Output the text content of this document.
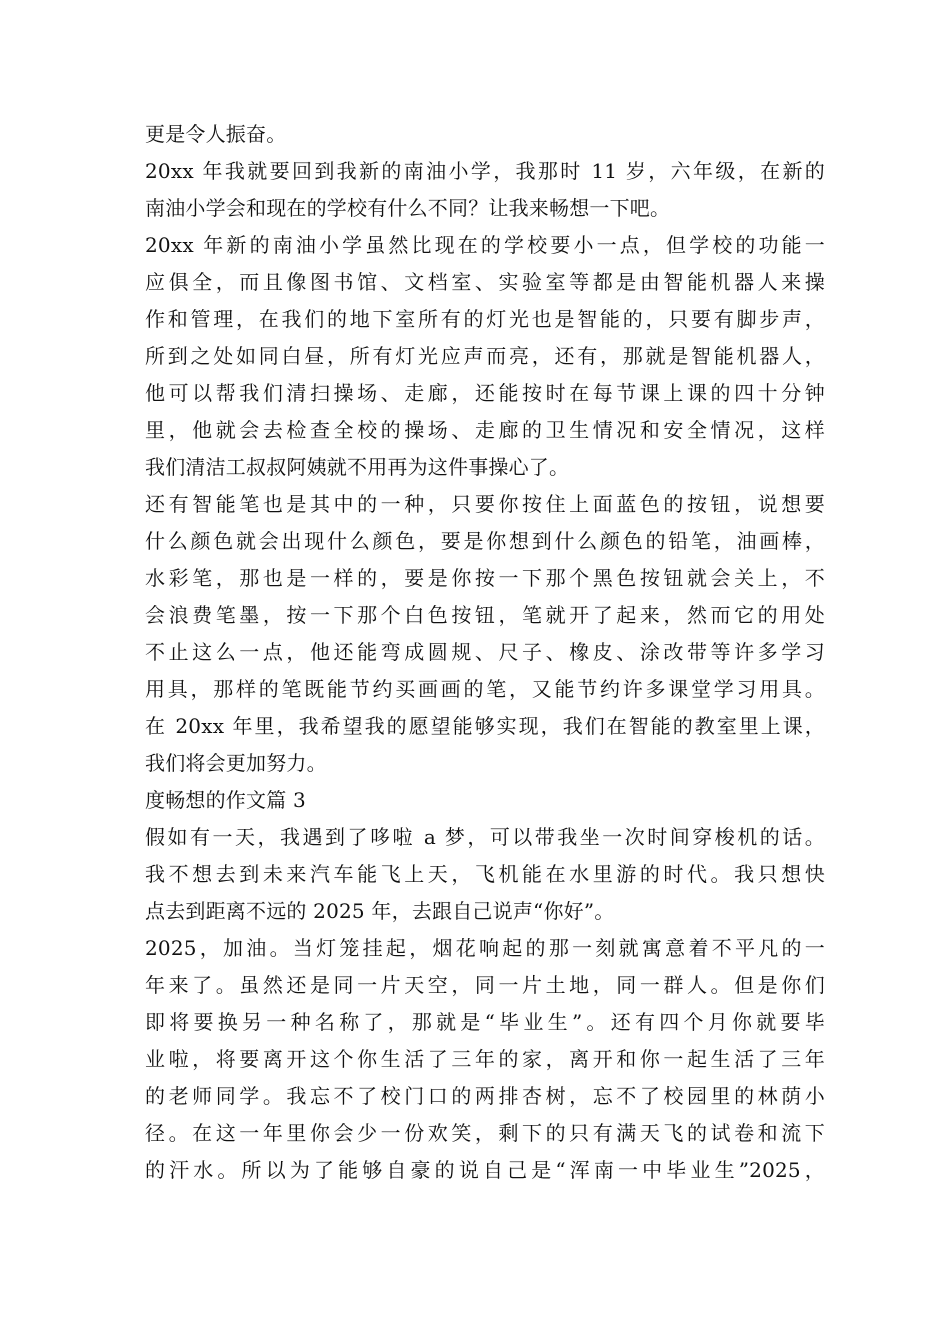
更是令人振奋。
20xx 年我就要回到我新的南油小学，我那时 11 岁，六年级，在新的
南油小学会和现在的学校有什么不同？让我来畅想一下吧。
20xx 年新的南油小学虽然比现在的学校要小一点，但学校的功能一
应俱全，而且像图书馆、文档室、实验室等都是由智能机器人来操
作和管理，在我们的地下室所有的灯光也是智能的，只要有脚步声，
所到之处如同白昼，所有灯光应声而亮，还有，那就是智能机器人，
他可以帮我们清扫操场、走廊，还能按时在每节课上课的四十分钟
里，他就会去检查全校的操场、走廊的卫生情况和安全情况，这样
我们清洁工叔叔阿姨就不用再为这件事操心了。
还有智能笔也是其中的一种，只要你按住上面蓝色的按钮，说想要
什么颜色就会出现什么颜色，要是你想到什么颜色的铅笔，油画棒，
水彩笔，那也是一样的，要是你按一下那个黑色按钮就会关上，不
会浪费笔墨，按一下那个白色按钮，笔就开了起来，然而它的用处
不止这么一点，他还能弯成圆规、尺子、橡皮、涂改带等许多学习
用具，那样的笔既能节约买画画的笔，又能节约许多课堂学习用具。
在 20xx 年里，我希望我的愿望能够实现，我们在智能的教室里上课，
我们将会更加努力。
度畅想的作文篇 3
假如有一天，我遇到了哆啦 a 梦，可以带我坐一次时间穿梭机的话。
我不想去到未来汽车能飞上天，飞机能在水里游的时代。我只想快
点去到距离不远的 2025 年，去跟自己说声“你好”。
2025，加油。当灯笼挂起，烟花响起的那一刻就寓意着不平凡的一
年来了。虽然还是同一片天空，同一片土地，同一群人。但是你们
即将要换另一种名称了，那就是“毕业生”。还有四个月你就要毕
业啦，将要离开这个你生活了三年的家，离开和你一起生活了三年
的老师同学。我忘不了校门口的两排杏树，忘不了校园里的林荫小
径。在这一年里你会少一份欢笑，剩下的只有满天飞的试卷和流下
的汗水。所以为了能够自豪的说自己是“浑南一中毕业生”2025，
